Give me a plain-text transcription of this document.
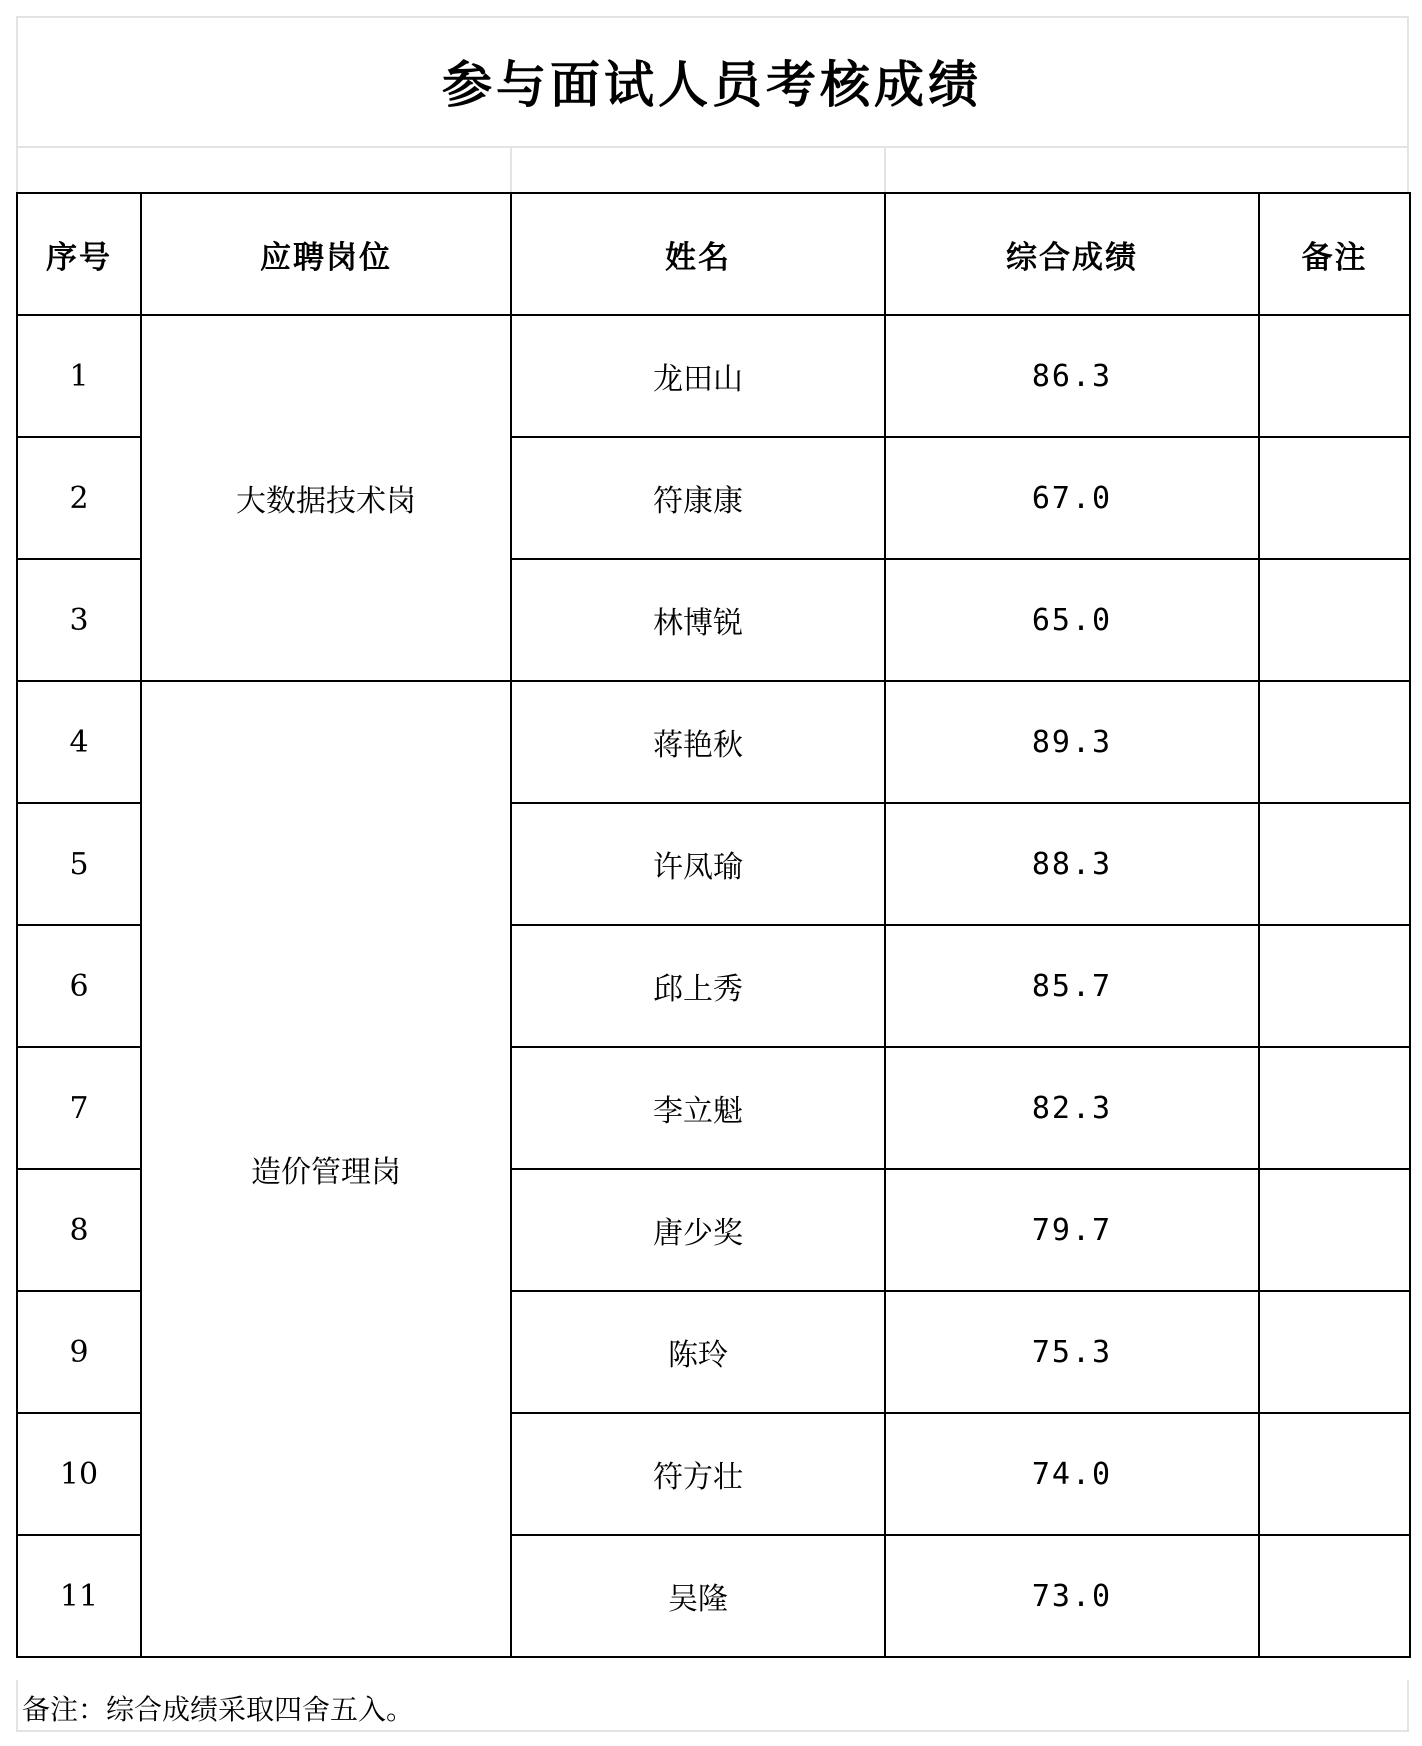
参与面试人员考核成绩
序号	应聘岗位	姓名	综合成绩	备注
1	大数据技术岗	龙田山	86.3	
2		符康康	67.0	
3		林博锐	65.0	
4	造价管理岗	蒋艳秋	89.3	
5		许凤瑜	88.3	
6		邱上秀	85.7	
7		李立魁	82.3	
8		唐少奖	79.7	
9		陈玲	75.3	
10		符方壮	74.0	
11		吴隆	73.0	
备注：综合成绩采取四舍五入。
